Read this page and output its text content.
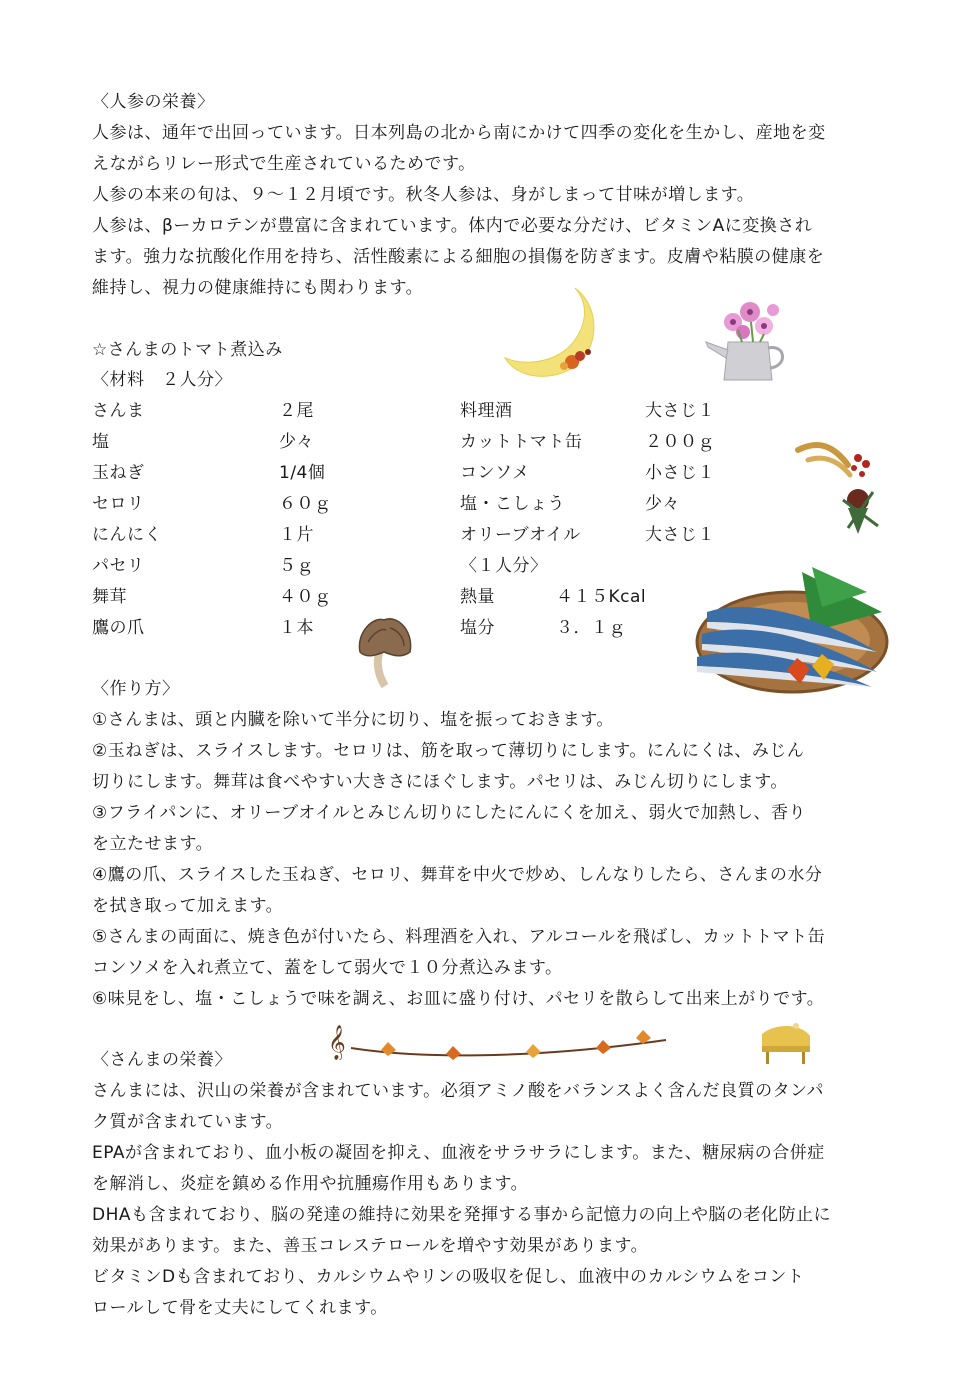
〈人参の栄養〉
人参は、通年で出回っています。日本列島の北から南にかけて四季の変化を生かし、産地を変
えながらリレー形式で生産されているためです。
人参の本来の旬は、９～１２月頃です。秋冬人参は、身がしまって甘味が増します。
人参は、βーカロテンが豊富に含まれています。体内で必要な分だけ、ビタミンAに変換され
ます。強力な抗酸化作用を持ち、活性酸素による細胞の損傷を防ぎます。皮膚や粘膜の健康を
維持し、視力の健康維持にも関わります。
☆さんまのトマト煮込み
〈材料　２人分〉
さんま	２尾
塩	少々
玉ねぎ	1/4個
セロリ	６０ｇ
にんにく	１片
パセリ	５ｇ
舞茸	４０ｇ
鷹の爪	１本
料理酒	大さじ１
カットトマト缶	２００ｇ
コンソメ	小さじ１
塩・こしょう	少々
オリーブオイル	大さじ１
〈１人分〉
熱量	４１５Kcal
塩分	３．１ｇ
〈作り方〉
①さんまは、頭と内臓を除いて半分に切り、塩を振っておきます。
②玉ねぎは、スライスします。セロリは、筋を取って薄切りにします。にんにくは、みじん
切りにします。舞茸は食べやすい大きさにほぐします。パセリは、みじん切りにします。
③フライパンに、オリーブオイルとみじん切りにしたにんにくを加え、弱火で加熱し、香り
を立たせます。
④鷹の爪、スライスした玉ねぎ、セロリ、舞茸を中火で炒め、しんなりしたら、さんまの水分
を拭き取って加えます。
⑤さんまの両面に、焼き色が付いたら、料理酒を入れ、アルコールを飛ばし、カットトマト缶
コンソメを入れ煮立て、蓋をして弱火で１０分煮込みます。
⑥味見をし、塩・こしょうで味を調え、お皿に盛り付け、パセリを散らして出来上がりです。
〈さんまの栄養〉
さんまには、沢山の栄養が含まれています。必須アミノ酸をバランスよく含んだ良質のタンパ
ク質が含まれています。
EPAが含まれており、血小板の凝固を抑え、血液をサラサラにします。また、糖尿病の合併症
を解消し、炎症を鎮める作用や抗腫瘍作用もあります。
DHAも含まれており、脳の発達の維持に効果を発揮する事から記憶力の向上や脳の老化防止に
効果があります。また、善玉コレステロールを増やす効果があります。
ビタミンDも含まれており、カルシウムやリンの吸収を促し、血液中のカルシウムをコント
ロールして骨を丈夫にしてくれます。
𝄞
